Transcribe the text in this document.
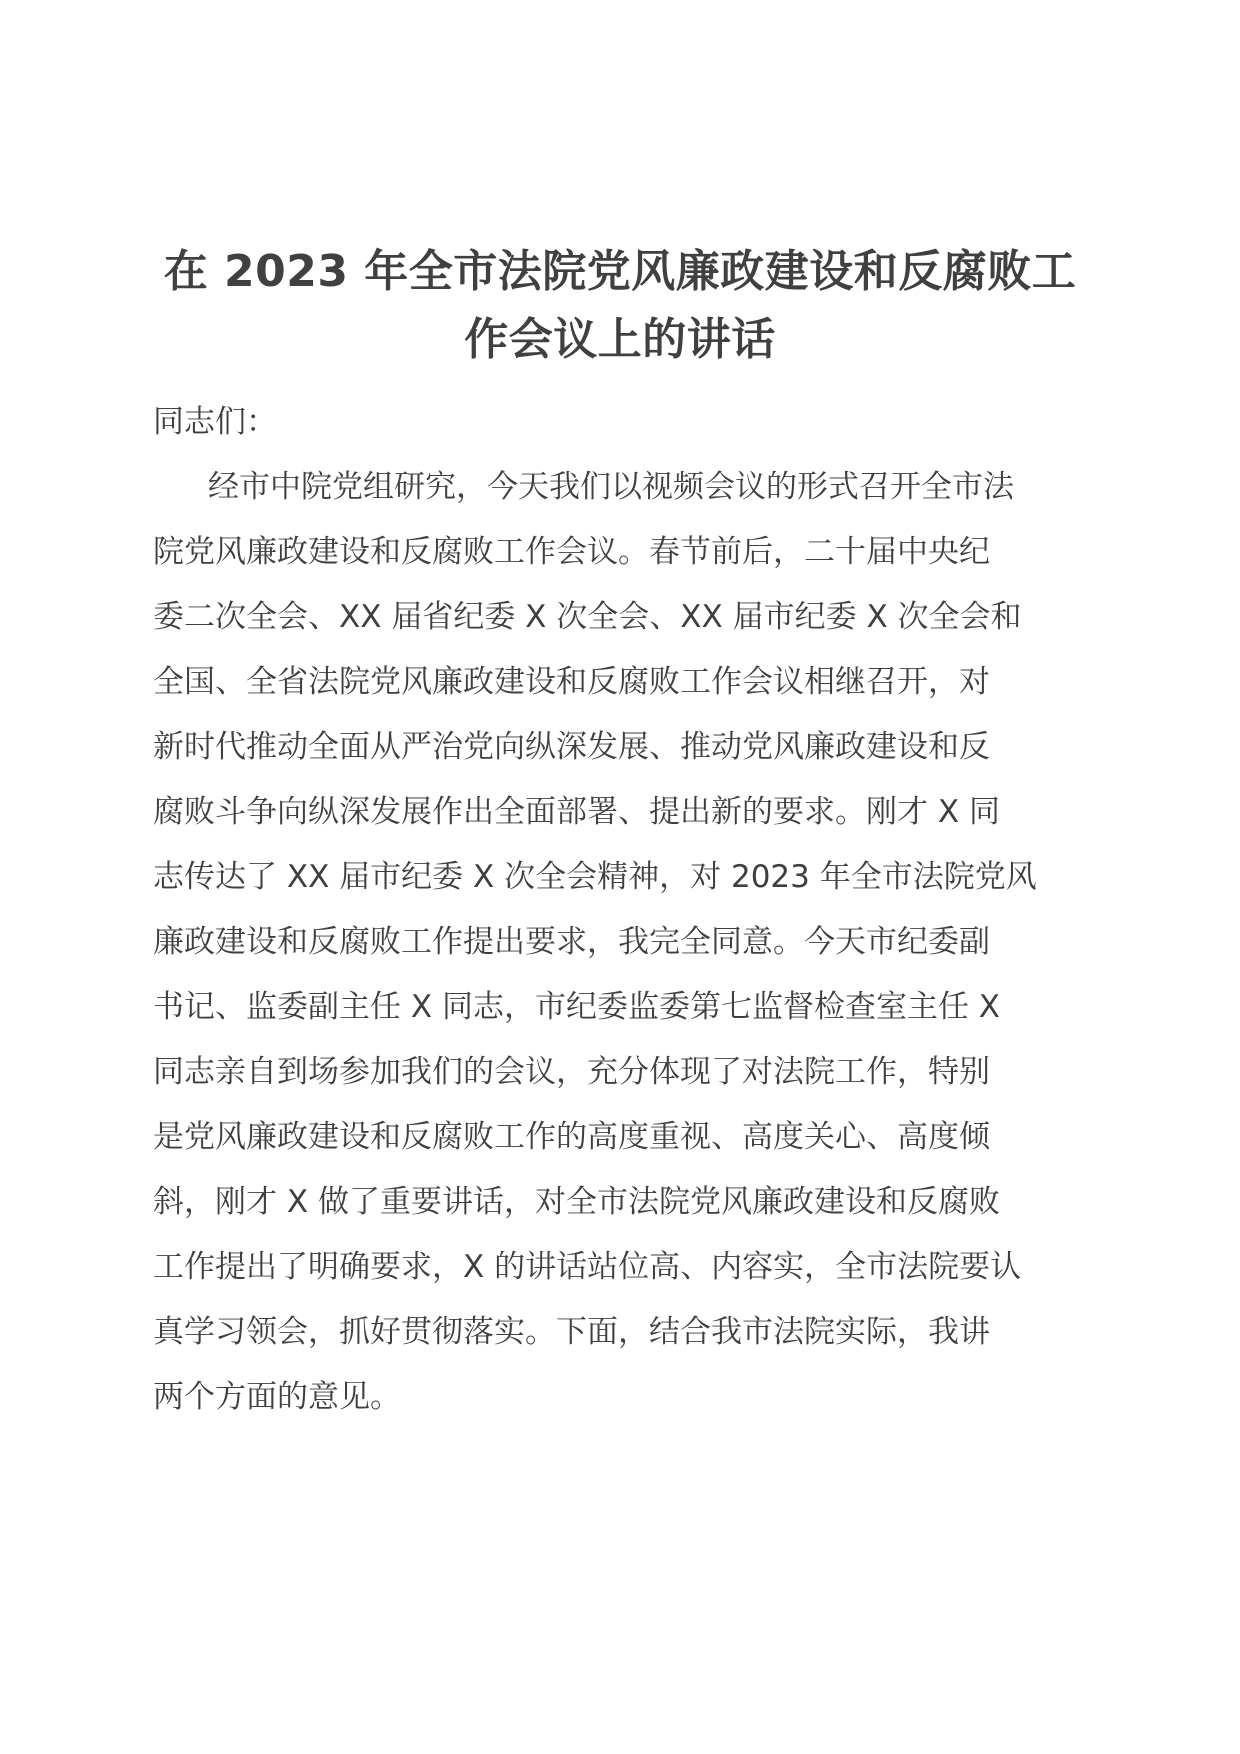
在 2023 年全市法院党风廉政建设和反腐败工
作会议上的讲话
同志们：
经市中院党组研究，今天我们以视频会议的形式召开全市法
院党风廉政建设和反腐败工作会议。春节前后，二十届中央纪
委二次全会、XX 届省纪委 X 次全会、XX 届市纪委 X 次全会和
全国、全省法院党风廉政建设和反腐败工作会议相继召开，对
新时代推动全面从严治党向纵深发展、推动党风廉政建设和反
腐败斗争向纵深发展作出全面部署、提出新的要求。刚才 X 同
志传达了 XX 届市纪委 X 次全会精神，对 2023 年全市法院党风
廉政建设和反腐败工作提出要求，我完全同意。今天市纪委副
书记、监委副主任 X 同志，市纪委监委第七监督检查室主任 X
同志亲自到场参加我们的会议，充分体现了对法院工作，特别
是党风廉政建设和反腐败工作的高度重视、高度关心、高度倾
斜，刚才 X 做了重要讲话，对全市法院党风廉政建设和反腐败
工作提出了明确要求，X 的讲话站位高、内容实，全市法院要认
真学习领会，抓好贯彻落实。下面，结合我市法院实际，我讲
两个方面的意见。
